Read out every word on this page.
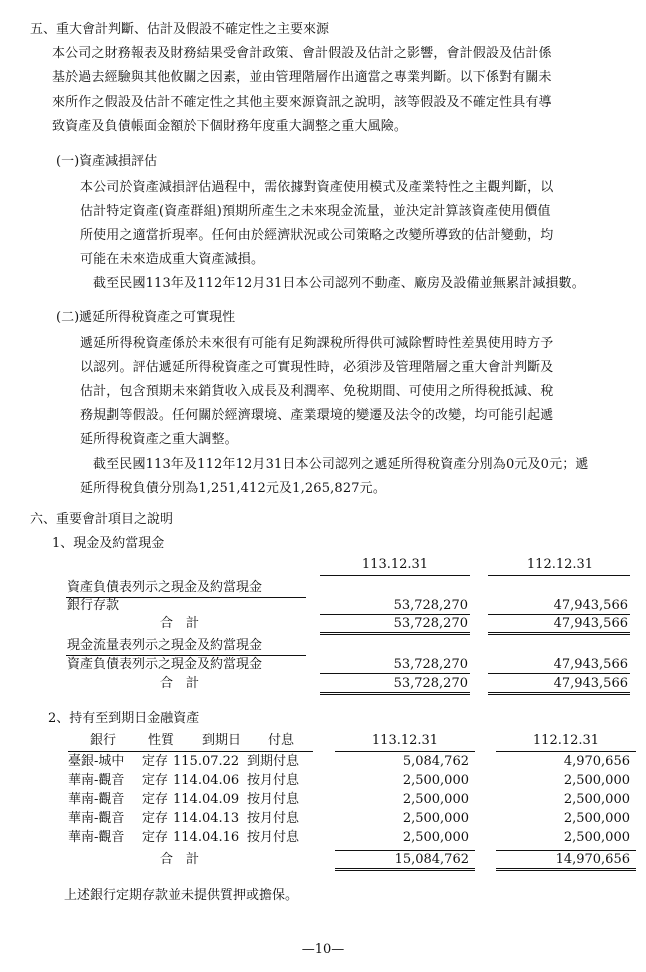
五、重大會計判斷、估計及假設不確定性之主要來源
本公司之財務報表及財務結果受會計政策、會計假設及估計之影響，會計假設及估計係
基於過去經驗與其他攸關之因素，並由管理階層作出適當之專業判斷。以下係對有關未
來所作之假設及估計不確定性之其他主要來源資訊之說明，該等假設及不確定性具有導
致資產及負債帳面金額於下個財務年度重大調整之重大風險。
(一)資產減損評估
本公司於資產減損評估過程中，需依據對資產使用模式及產業特性之主觀判斷，以
估計特定資產(資產群組)預期所產生之未來現金流量，並決定計算該資產使用價值
所使用之適當折現率。任何由於經濟狀況或公司策略之改變所導致的估計變動，均
可能在未來造成重大資產減損。
截至民國113年及112年12月31日本公司認列不動產、廠房及設備並無累計減損數。
(二)遞延所得稅資產之可實現性
遞延所得稅資產係於未來很有可能有足夠課稅所得供可減除暫時性差異使用時方予
以認列。評估遞延所得稅資產之可實現性時，必須涉及管理階層之重大會計判斷及
估計，包含預期未來銷貨收入成長及利潤率、免稅期間、可使用之所得稅抵減、稅
務規劃等假設。任何關於經濟環境、產業環境的變遷及法令的改變，均可能引起遞
延所得稅資產之重大調整。
截至民國113年及112年12月31日本公司認列之遞延所得稅資產分別為0元及0元；遞
延所得稅負債分別為1,251,412元及1,265,827元。
六、重要會計項目之說明
1、現金及約當現金
113.12.31	112.12.31
資產負債表列示之現金及約當現金
銀行存款	53,728,270	47,943,566
合　計	53,728,270	47,943,566
現金流量表列示之現金及約當現金
資產負債表列示之現金及約當現金	53,728,270	47,943,566
合　計	53,728,270	47,943,566
2、持有至到期日金融資產
銀行 性質 到期日 付息	113.12.31	112.12.31
臺銀-城中 定存 115.07.22 到期付息	5,084,762	4,970,656
華南-觀音 定存 114.04.06 按月付息	2,500,000	2,500,000
華南-觀音 定存 114.04.09 按月付息	2,500,000	2,500,000
華南-觀音 定存 114.04.13 按月付息	2,500,000	2,500,000
華南-觀音 定存 114.04.16 按月付息	2,500,000	2,500,000
合　計	15,084,762	14,970,656
上述銀行定期存款並未提供質押或擔保。
—10—
